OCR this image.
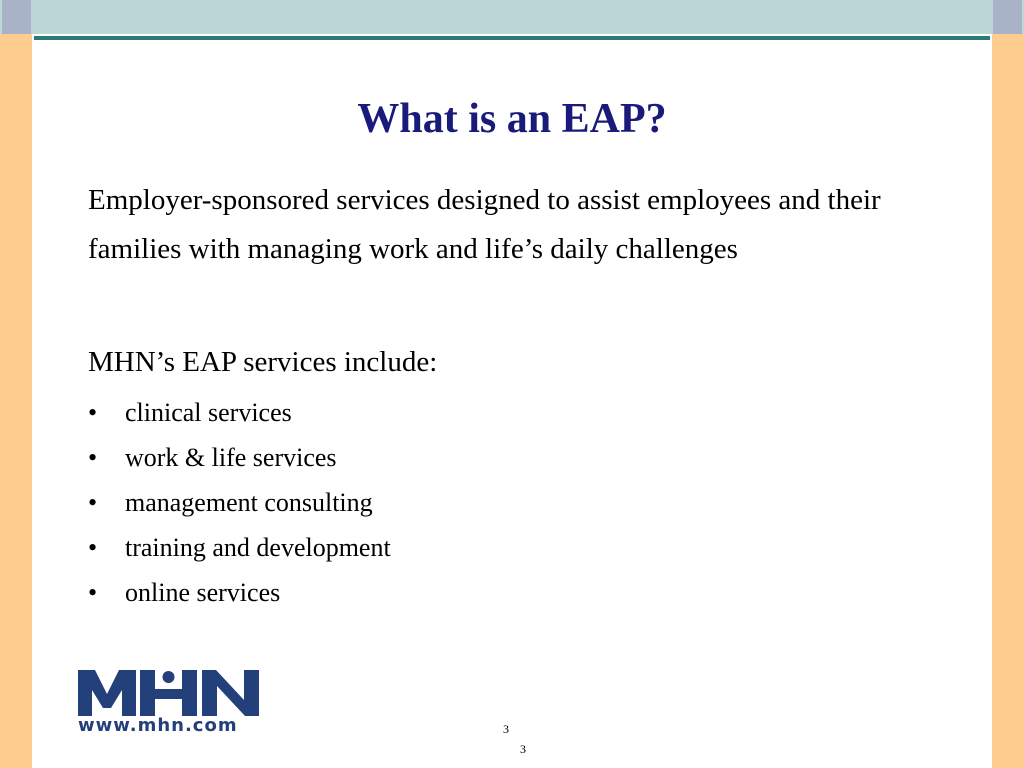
What is an EAP?
Employer-sponsored services designed to assist employees and their families with managing work and life’s daily challenges
MHN’s EAP services include:
• clinical services
• work & life services
• management consulting
• training and development
• online services
www.mhn.com	3
3
